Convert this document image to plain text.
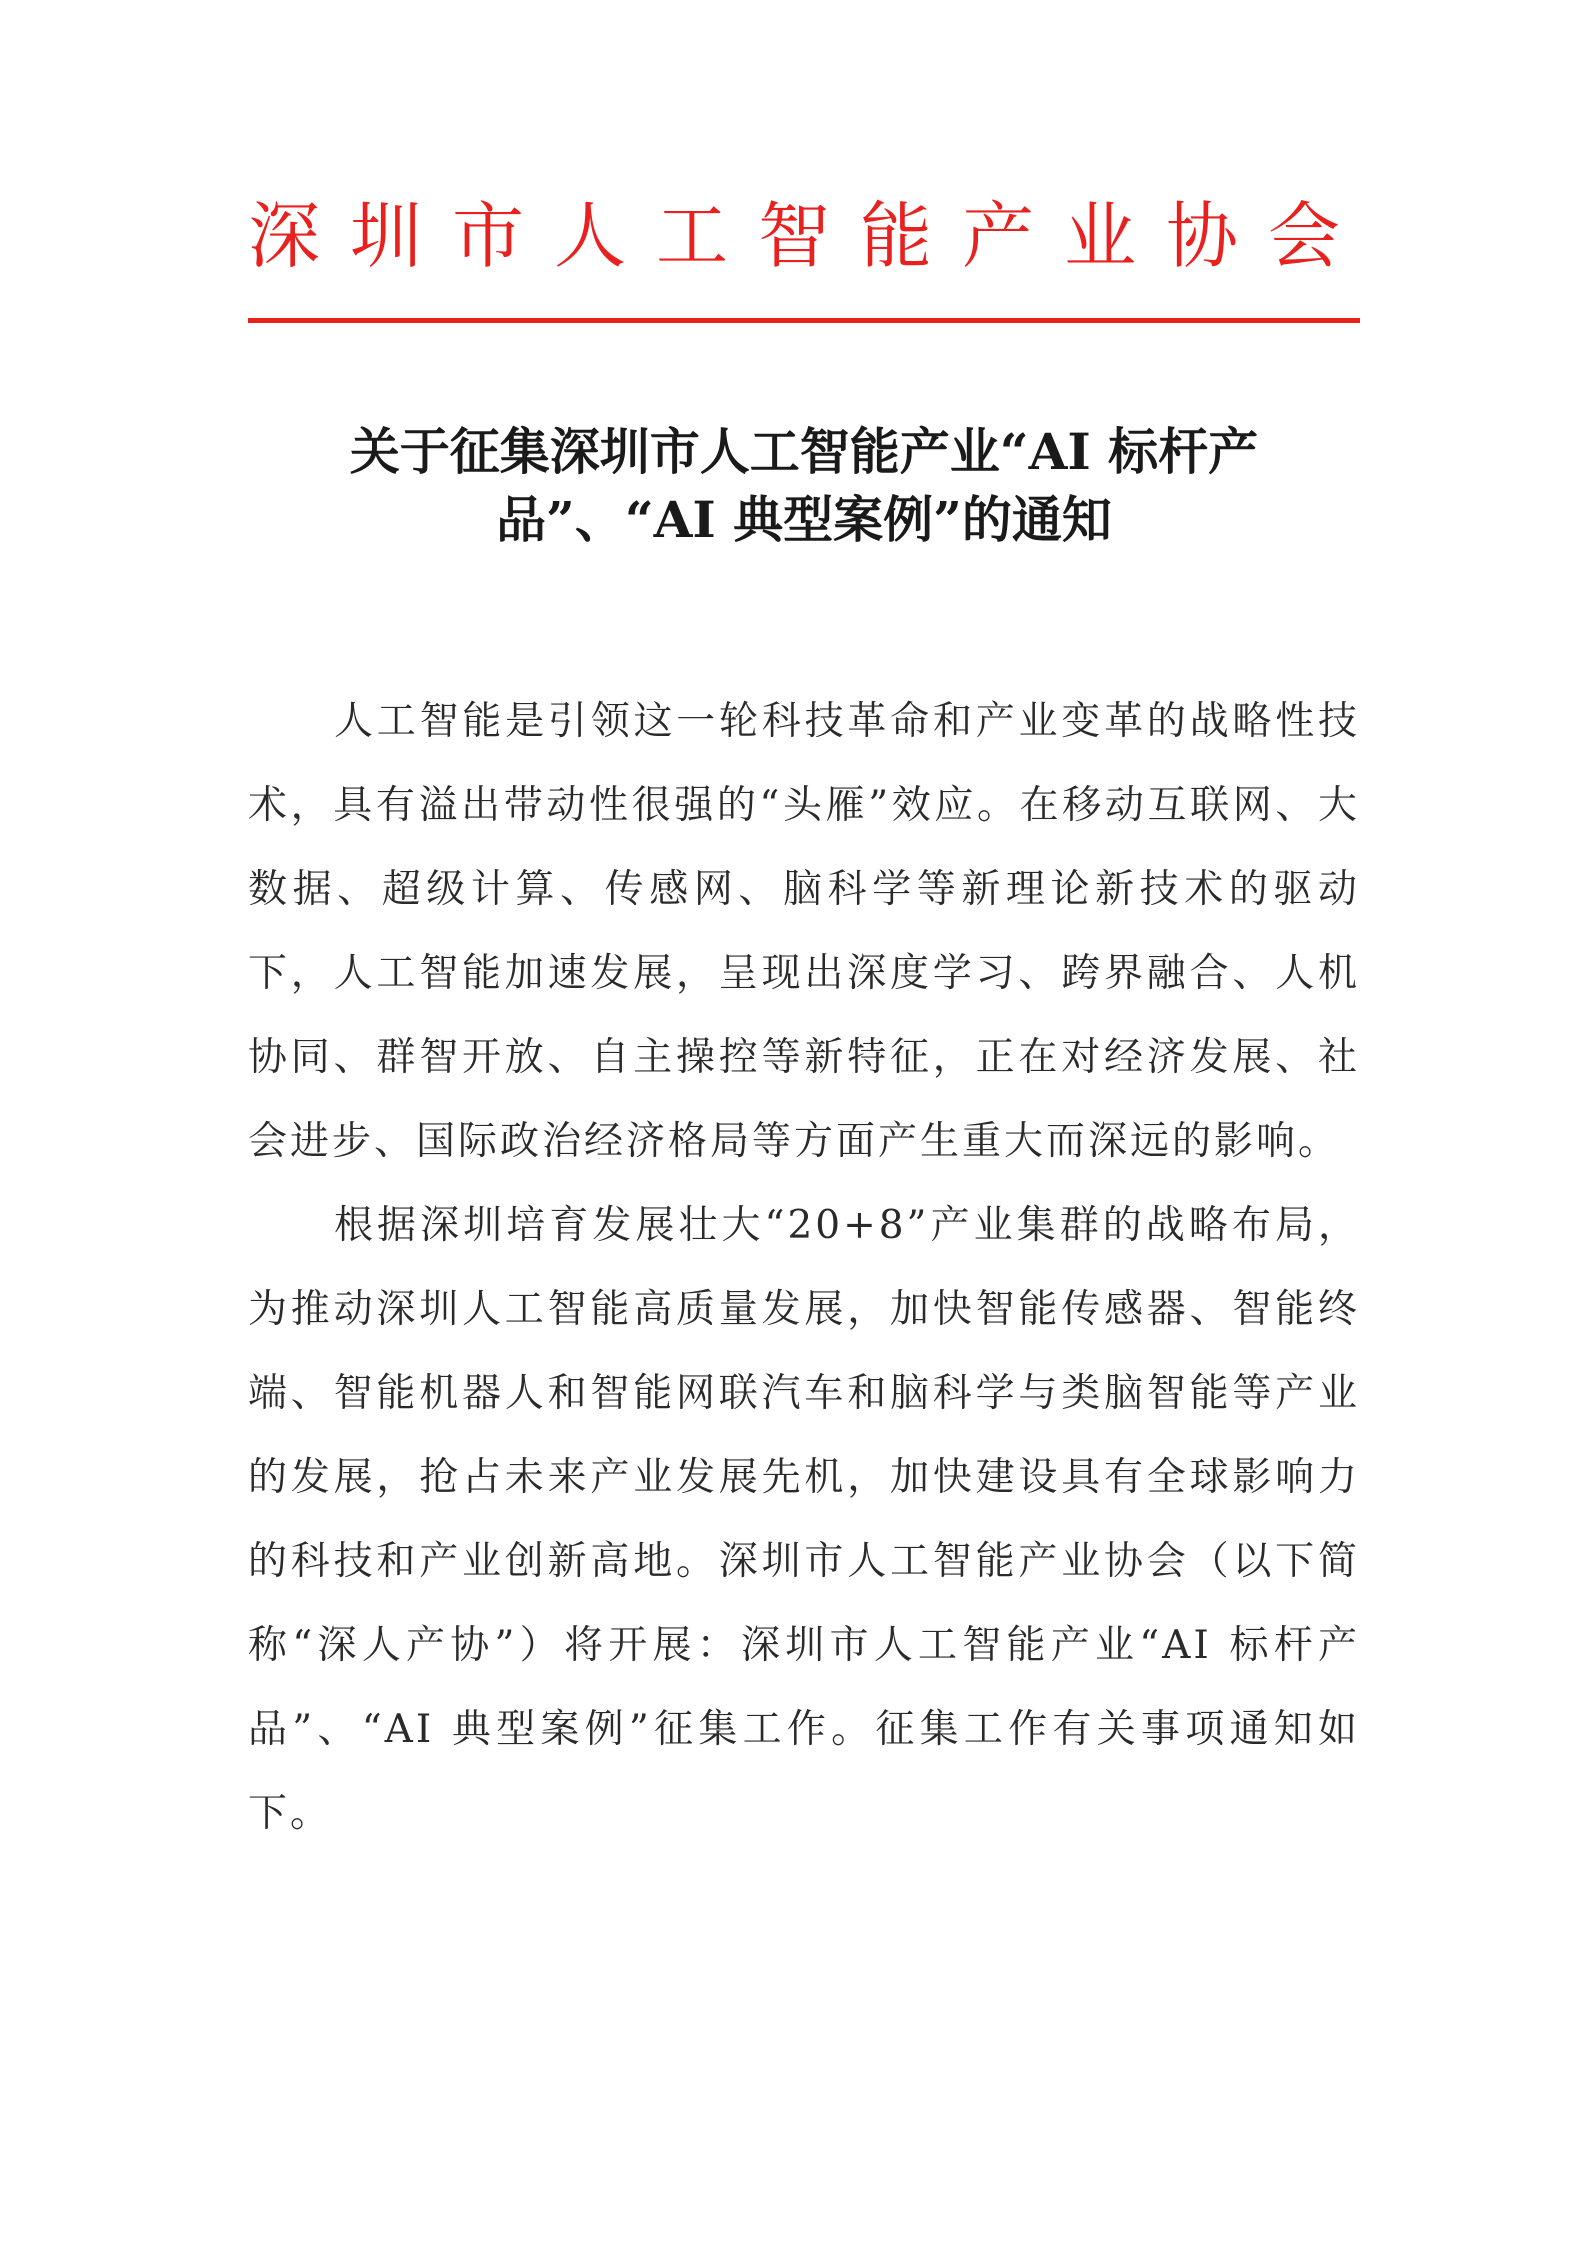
深圳市人工智能产业协会
关于征集深圳市人工智能产业“AI 标杆产
品”、“AI 典型案例”的通知

人工智能是引领这一轮科技革命和产业变革的战略性技术，具有溢出带动性很强的“头雁”效应。在移动互联网、大数据、超级计算、传感网、脑科学等新理论新技术的驱动下，人工智能加速发展，呈现出深度学习、跨界融合、人机协同、群智开放、自主操控等新特征，正在对经济发展、社会进步、国际政治经济格局等方面产生重大而深远的影响。

根据深圳培育发展壮大“20+8”产业集群的战略布局，为推动深圳人工智能高质量发展，加快智能传感器、智能终端、智能机器人和智能网联汽车和脑科学与类脑智能等产业的发展，抢占未来产业发展先机，加快建设具有全球影响力的科技和产业创新高地。深圳市人工智能产业协会（以下简称“深人产协”）将开展：深圳市人工智能产业“AI 标杆产品”、“AI 典型案例”征集工作。征集工作有关事项通知如下。
